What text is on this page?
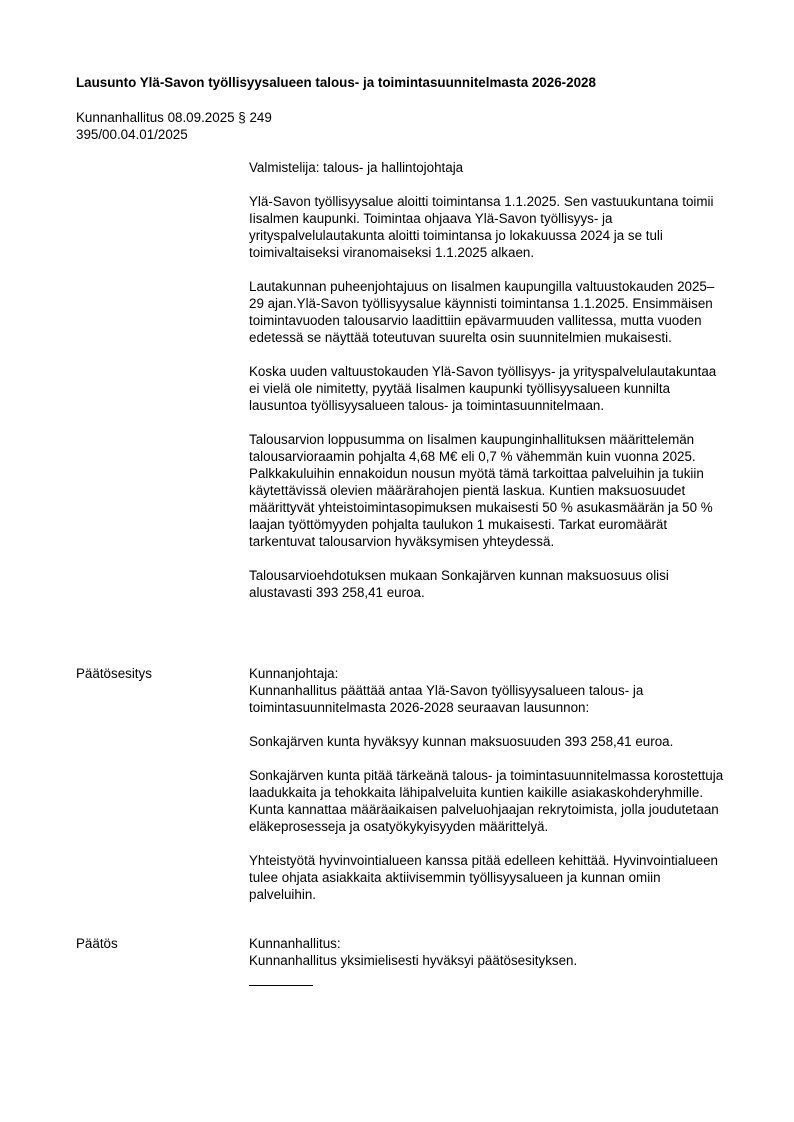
Lausunto Ylä-Savon työllisyysalueen talous- ja toimintasuunnitelmasta 2026-2028
Kunnanhallitus 08.09.2025 § 249
395/00.04.01/2025

Valmistelija: talous- ja hallintojohtaja

Ylä-Savon työllisyysalue aloitti toimintansa 1.1.2025. Sen vastuukuntana toimii Iisalmen kaupunki. Toimintaa ohjaava Ylä-Savon työllisyys- ja yrityspalvelulautakunta aloitti toimintansa jo lokakuussa 2024 ja se tuli toimivaltaiseksi viranomaiseksi 1.1.2025 alkaen.

Lautakunnan puheenjohtajuus on Iisalmen kaupungilla valtuustokauden 2025–29 ajan.Ylä-Savon työllisyysalue käynnisti toimintansa 1.1.2025. Ensimmäisen toimintavuoden talousarvio laadittiin epävarmuuden vallitessa, mutta vuoden edetessä se näyttää toteutuvan suurelta osin suunnitelmien mukaisesti.

Koska uuden valtuustokauden Ylä-Savon työllisyys- ja yrityspalvelulautakuntaa ei vielä ole nimitetty, pyytää Iisalmen kaupunki työllisyysalueen kunnilta lausuntoa työllisyysalueen talous- ja toimintasuunnitelmaan.

Talousarvion loppusumma on Iisalmen kaupunginhallituksen määrittelemän talousarvioraamin pohjalta 4,68 M€ eli 0,7 % vähemmän kuin vuonna 2025. Palkkakuluihin ennakoidun nousun myötä tämä tarkoittaa palveluihin ja tukiin käytettävissä olevien määrärahojen pientä laskua. Kuntien maksuosuudet määrittyvät yhteistoimintasopimuksen mukaisesti 50 % asukasmäärän ja 50 % laajan työttömyyden pohjalta taulukon 1 mukaisesti. Tarkat euromäärät tarkentuvat talousarvion hyväksymisen yhteydessä.

Talousarvioehdotuksen mukaan Sonkajärven kunnan maksuosuus olisi alustavasti 393 258,41 euroa.

Päätösesitys	Kunnanjohtaja:

Kunnanhallitus päättää antaa Ylä-Savon työllisyysalueen talous- ja toimintasuunnitelmasta 2026-2028 seuraavan lausunnon:

Sonkajärven kunta hyväksyy kunnan maksuosuuden 393 258,41 euroa.

Sonkajärven kunta pitää tärkeänä talous- ja toimintasuunnitelmassa korostettuja laadukkaita ja tehokkaita lähipalveluita kuntien kaikille asiakaskohderyhmille. Kunta kannattaa määräaikaisen palveluohjaajan rekrytoimista, jolla joudutetaan eläkeprosesseja ja osatyökykyisyyden määrittelyä.

Yhteistyötä hyvinvointialueen kanssa pitää edelleen kehittää. Hyvinvointialueen tulee ohjata asiakkaita aktiivisemmin työllisyysalueen ja kunnan omiin palveluihin.

Päätös	Kunnanhallitus:
Kunnanhallitus yksimielisesti hyväksyi päätösesityksen.
